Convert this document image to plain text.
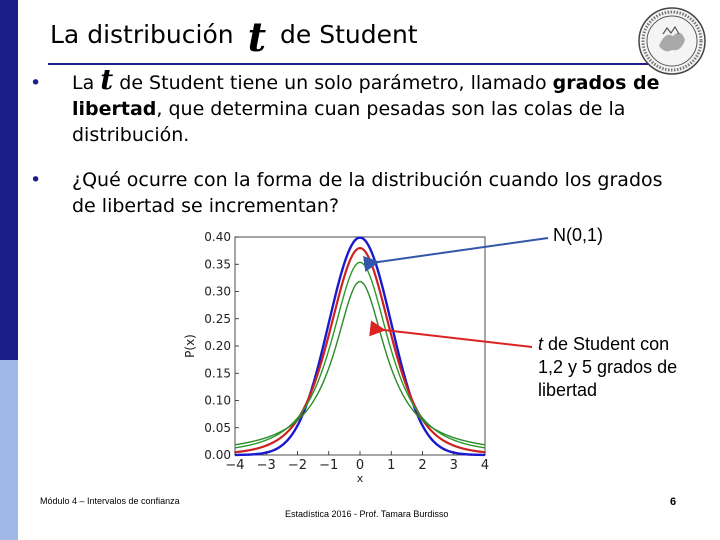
La distribución t de Student
• La t de Student tiene un solo parámetro, llamado grados de libertad, que determina cuan pesadas son las colas de la distribución.
• ¿Qué ocurre con la forma de la distribución cuando los grados de libertad se incrementan?
0.00
0.05
0.10
0.15
0.20
0.25
0.30
0.35
0.40
−4 −3 −2 −1 0 1 2 3 4
x
P(x)
N(0,1)
t de Student con 1,2 y 5 grados de libertad
Módulo 4 – Intervalos de confianza
Estadística 2016 - Prof. Tamara Burdisso
6
